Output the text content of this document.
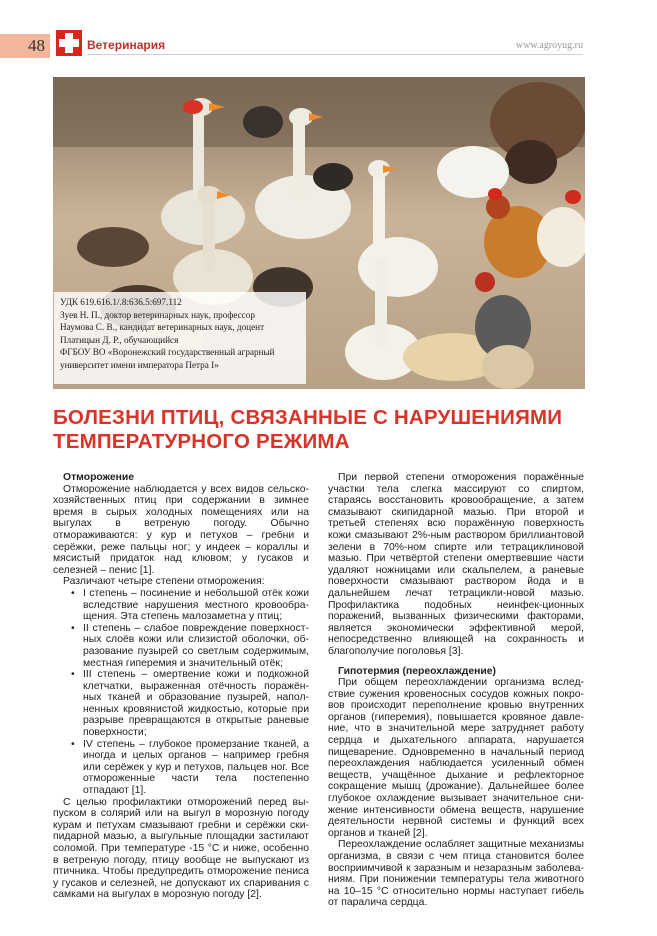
48	Ветеринария	www.agroyug.ru
УДК 619.616.1/.8:636.5:697.112
Зуев Н. П., доктор ветеринарных наук, профессор
Наумова С. В., кандидат ветеринарных наук, доцент
Платицын Д. Р., обучающийся
ФГБОУ ВО «Воронежский государственный аграрный
университет имени императора Петра I»
БОЛЕЗНИ ПТИЦ, СВЯЗАННЫЕ С НАРУШЕНИЯМИ ТЕМПЕРАТУРНОГО РЕЖИМА
Отморожение

Отморожение наблюдается у всех видов сельско-хозяйственных птиц при содержании в зимнее время в сырых холодных помещениях или на выгулах в ветреную погоду. Обычно отмораживаются: у кур и петухов – гребни и серёжки, реже пальцы ног; у индеек – кораллы и мясистый придаток над клювом; у гусаков и селезней – пенис [1].

Различают четыре степени отморожения:

• I степень – посинение и небольшой отёк кожи вследствие нарушения местного кровообра-щения. Эта степень малозаметна у птиц;
• II степень – слабое повреждение поверхност-ных слоёв кожи или слизистой оболочки, об-разование пузырей со светлым содержимым, местная гиперемия и значительный отёк;
• III степень – омертвение кожи и подкожной клетчатки, выраженная отёчность поражён-ных тканей и образование пузырей, напол-ненных кровянистой жидкостью, которые при разрыве превращаются в открытые раневые поверхности;
• IV степень – глубокое промерзание тканей, а иногда и целых органов – например гребня или серёжек у кур и петухов, пальцев ног. Все отмороженные части тела постепенно отпадают [1].

С целью профилактики отморожений перед вы-пуском в солярий или на выгул в морозную погоду курам и петухам смазывают гребни и серёжки ски-пидарной мазью, а выгульные площадки застилают соломой. При температуре -15 °С и ниже, особенно в ветреную погоду, птицу вообще не выпускают из птичника. Чтобы предупредить отморожение пениса у гусаков и селезней, не допускают их спаривания с самками на выгулах в морозную погоду [2].

При первой степени отморожения поражённые участки тела слегка массируют со спиртом, стараясь восстановить кровообращение, а затем смазывают скипидарной мазью. При второй и третьей степенях всю поражённую поверхность кожи смазывают 2%-ным раствором бриллиантовой зелени в 70%-ном спирте или тетрациклиновой мазью. При четвёртой степени омертвевшие части удаляют ножницами или скальпелем, а раневые поверхности смазывают раствором йода и в дальнейшем лечат тетрацикли-новой мазью. Профилактика подобных неинфек-ционных поражений, вызванных физическими факторами, является экономически эффективной мерой, непосредственно влияющей на сохранность и благополучие поголовья [3].

Гипотермия (переохлаждение)

При общем переохлаждении организма вслед-ствие сужения кровеносных сосудов кожных покро-вов происходит переполнение кровью внутренних органов (гиперемия), повышается кровяное давле-ние, что в значительной мере затрудняет работу сердца и дыхательного аппарата, нарушается пищеварение. Одновременно в начальный период переохлаждения наблюдается усиленный обмен веществ, учащённое дыхание и рефлекторное сокращение мышц (дрожание). Дальнейшее более глубокое охлаждение вызывает значительное сни-жение интенсивности обмена веществ, нарушение деятельности нервной системы и функций всех органов и тканей [2].

Переохлаждение ослабляет защитные механизмы организма, в связи с чем птица становится более восприимчивой к заразным и незаразным заболева-ниям. При понижении температуры тела животного на 10–15 °С относительно нормы наступает гибель от паралича сердца.
